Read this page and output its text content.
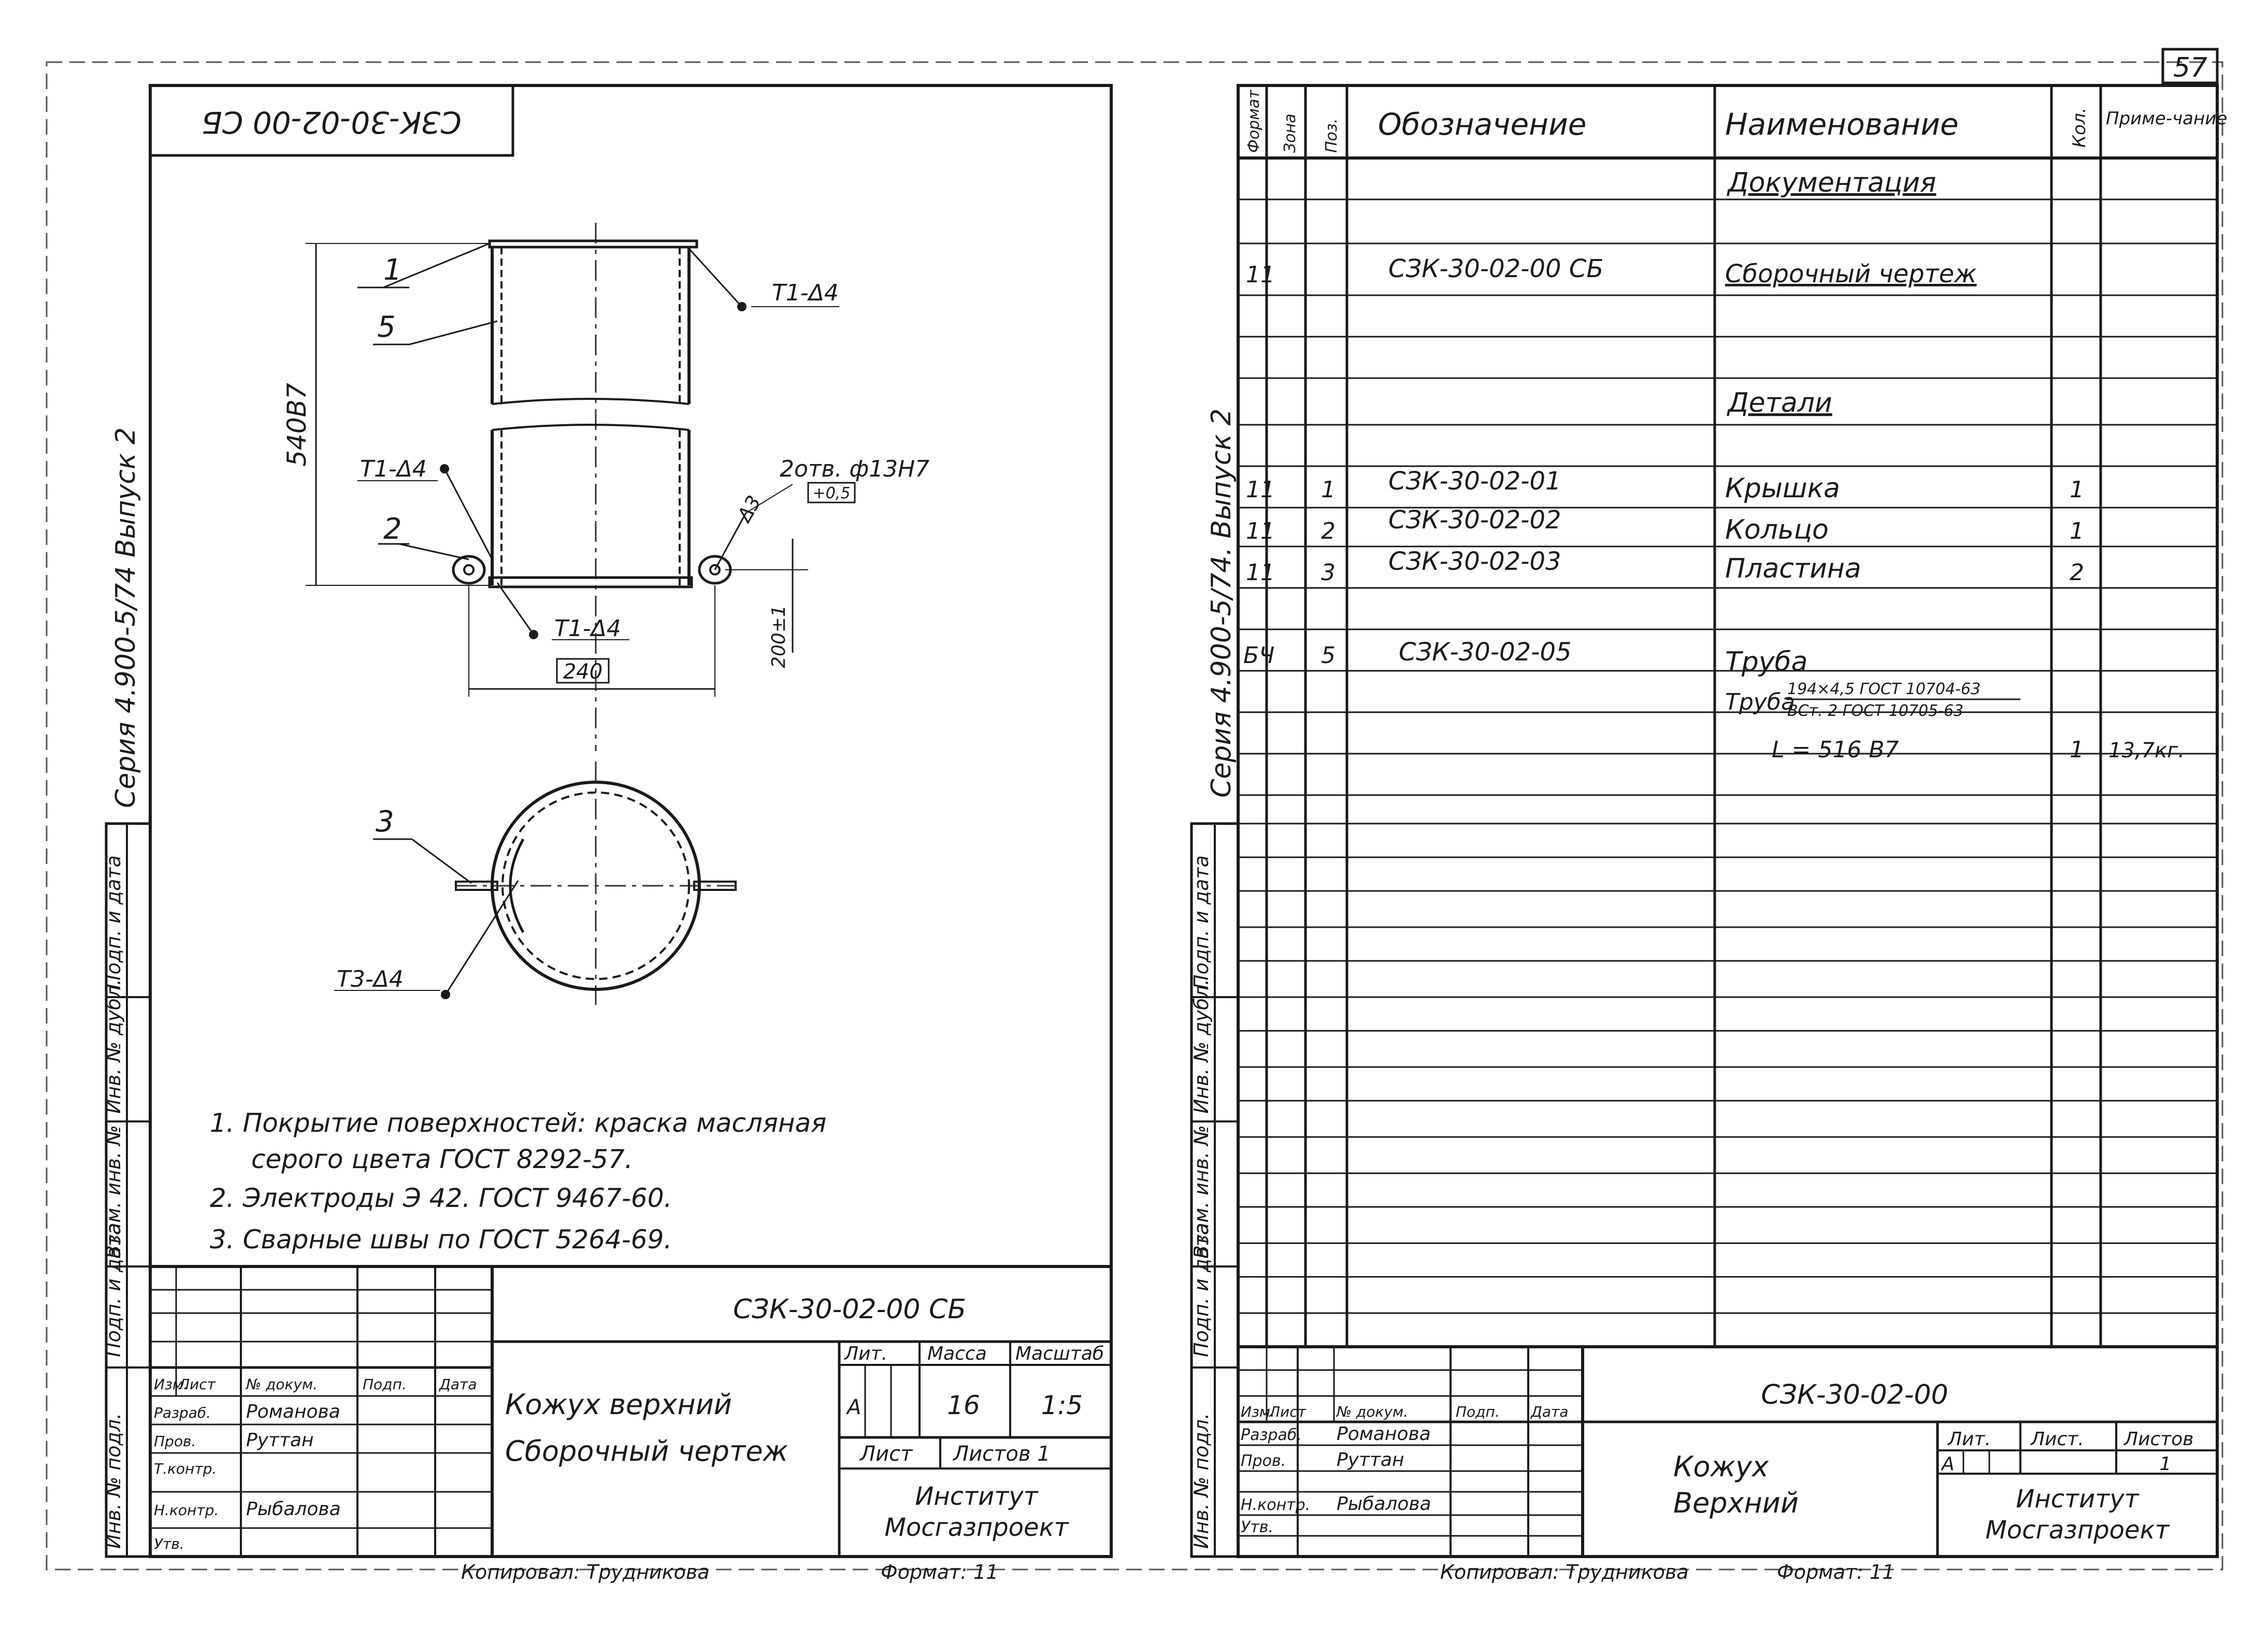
57
Инв. № подл.
Подп. и дата
Взам. инв. №
Инв. № дубл.
Подп. и дата
Серия 4.900-5/74 Выпуск 2
СЗК-30-02-00 СБ
540В7
240
200±1
1
5
Т1-Δ4
Т1-Δ4
2
Т1-Δ4
Δ3
2отв. ф13Н7
+0,5
3
Т3-Δ4
1. Покрытие поверхностей: краска масляная
серого цвета ГОСТ 8292-57.
2. Электроды Э 42. ГОСТ 9467-60.
3. Сварные швы по ГОСТ 5264-69.
СЗК-30-02-00 СБ
Изм.
Лист № докум.	Подп. Дата
Разраб. Романова
Пров.	Руттан
Т.контр.
Н.контр. Рыбалова
Утв.
Кожух верхний
Сборочный чертеж
Лит. Масса Масштаб
А	16 1:5
Лист Листов 1
Институт
Мосгазпроект
Копировал: Трудникова	Формат: 11
Инв. № подл.
Подп. и дата
Взам. инв. №
Инв. № дубл.
Подп. и дата
Серия 4.900-5/74. Выпуск 2
Формат Зона Поз. Обозначение	Наименование	Кол. Приме-чание
Документация
Детали
11	СЗК-30-02-00 СБ	Сборочный чертеж
11 1 СЗК-30-02-01	Крышка	1
11 2 СЗК-30-02-02	Кольцо	1
11 3 СЗК-30-02-03	Пластина	2
БЧ 5	СЗК-30-02-05	Труба
Труба
194×4,5 ГОСТ 10704-63
ВСт. 2 ГОСТ 10705-63
L = 516 В7	1 13,7кг.
СЗК-30-02-00
Изм.
Лист № докум.	Подп. Дата
Разраб. Романова
Пров.	Руттан
Н.контр. Рыбалова
Утв.
Кожух
Верхний
Лит. Лист. Листов
А	1
Институт
Мосгазпроект
Копировал: Трудникова	Формат: 11
